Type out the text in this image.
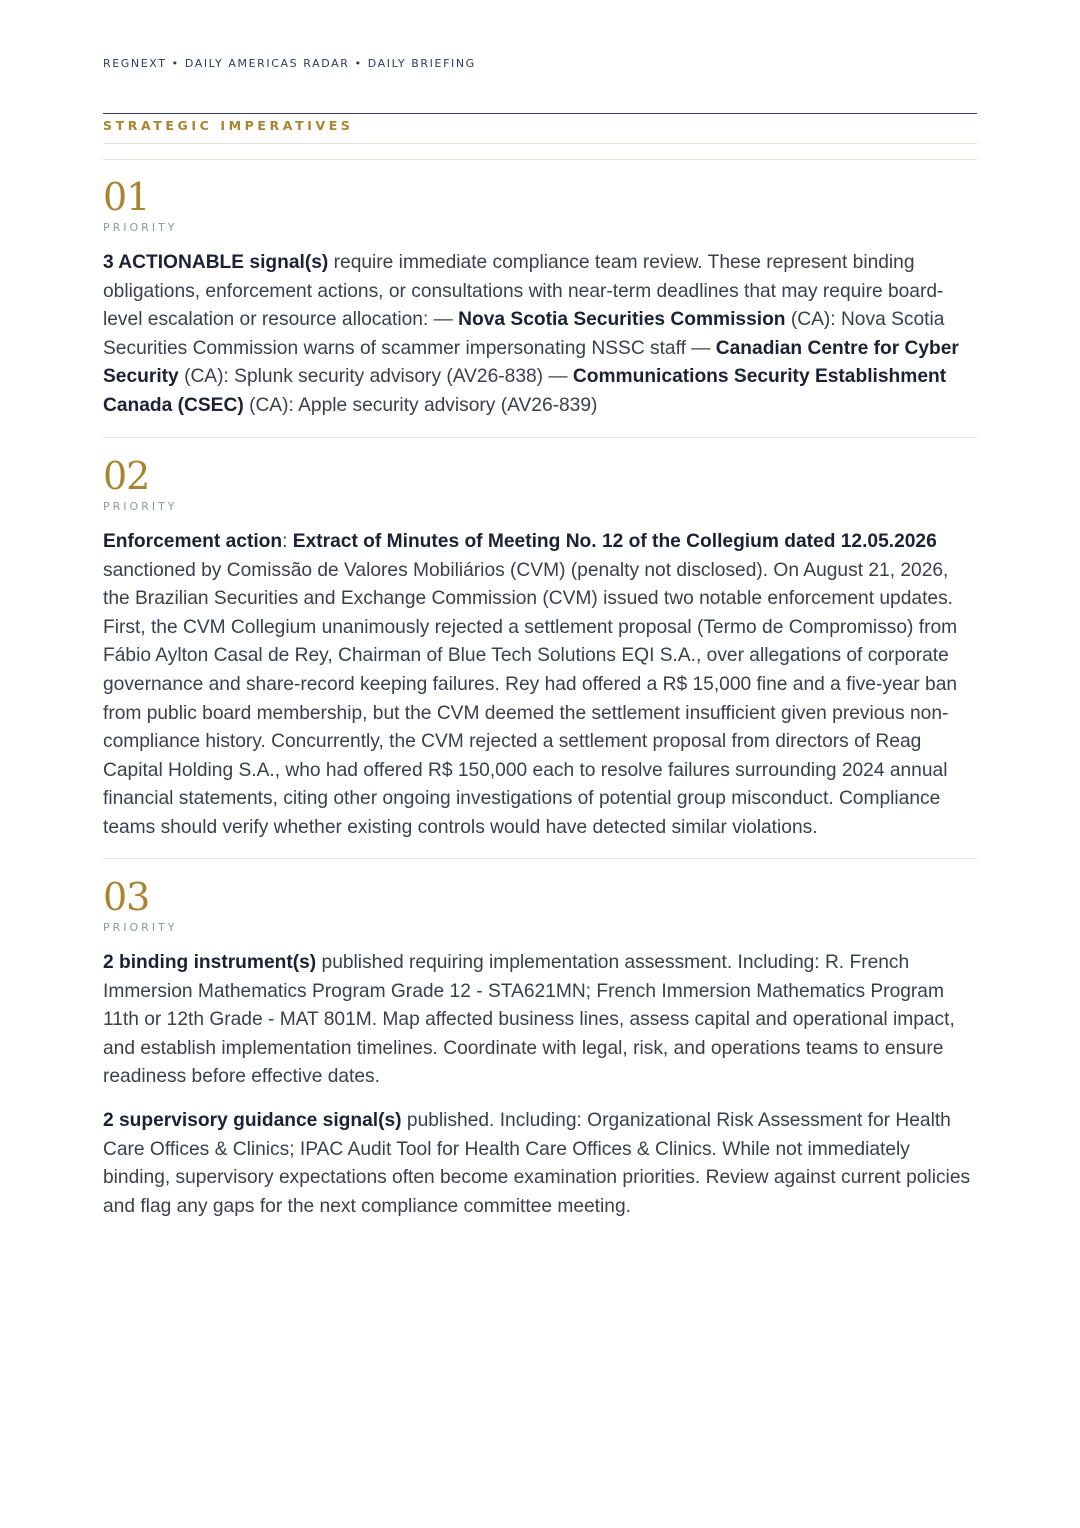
REGNEXT • DAILY AMERICAS RADAR • DAILY BRIEFING
STRATEGIC IMPERATIVES
01
PRIORITY

3 ACTIONABLE signal(s) require immediate compliance team review. These represent binding obligations, enforcement actions, or consultations with near-term deadlines that may require board-level escalation or resource allocation: — Nova Scotia Securities Commission (CA): Nova Scotia Securities Commission warns of scammer impersonating NSSC staff — Canadian Centre for Cyber Security (CA): Splunk security advisory (AV26-838) — Communications Security Establishment Canada (CSEC) (CA): Apple security advisory (AV26-839)

02
PRIORITY

Enforcement action: Extract of Minutes of Meeting No. 12 of the Collegium dated 12.05.2026 sanctioned by Comissão de Valores Mobiliários (CVM) (penalty not disclosed). On August 21, 2026, the Brazilian Securities and Exchange Commission (CVM) issued two notable enforcement updates. First, the CVM Collegium unanimously rejected a settlement proposal (Termo de Compromisso) from Fábio Aylton Casal de Rey, Chairman of Blue Tech Solutions EQI S.A., over allegations of corporate governance and share-record keeping failures. Rey had offered a R$ 15,000 fine and a five-year ban from public board membership, but the CVM deemed the settlement insufficient given previous non-compliance history. Concurrently, the CVM rejected a settlement proposal from directors of Reag Capital Holding S.A., who had offered R$ 150,000 each to resolve failures surrounding 2024 annual financial statements, citing other ongoing investigations of potential group misconduct. Compliance teams should verify whether existing controls would have detected similar violations.

03
PRIORITY

2 binding instrument(s) published requiring implementation assessment. Including: R. French Immersion Mathematics Program Grade 12 - STA621MN; French Immersion Mathematics Program 11th or 12th Grade - MAT 801M. Map affected business lines, assess capital and operational impact, and establish implementation timelines. Coordinate with legal, risk, and operations teams to ensure readiness before effective dates.

2 supervisory guidance signal(s) published. Including: Organizational Risk Assessment for Health Care Offices & Clinics; IPAC Audit Tool for Health Care Offices & Clinics. While not immediately binding, supervisory expectations often become examination priorities. Review against current policies and flag any gaps for the next compliance committee meeting.
